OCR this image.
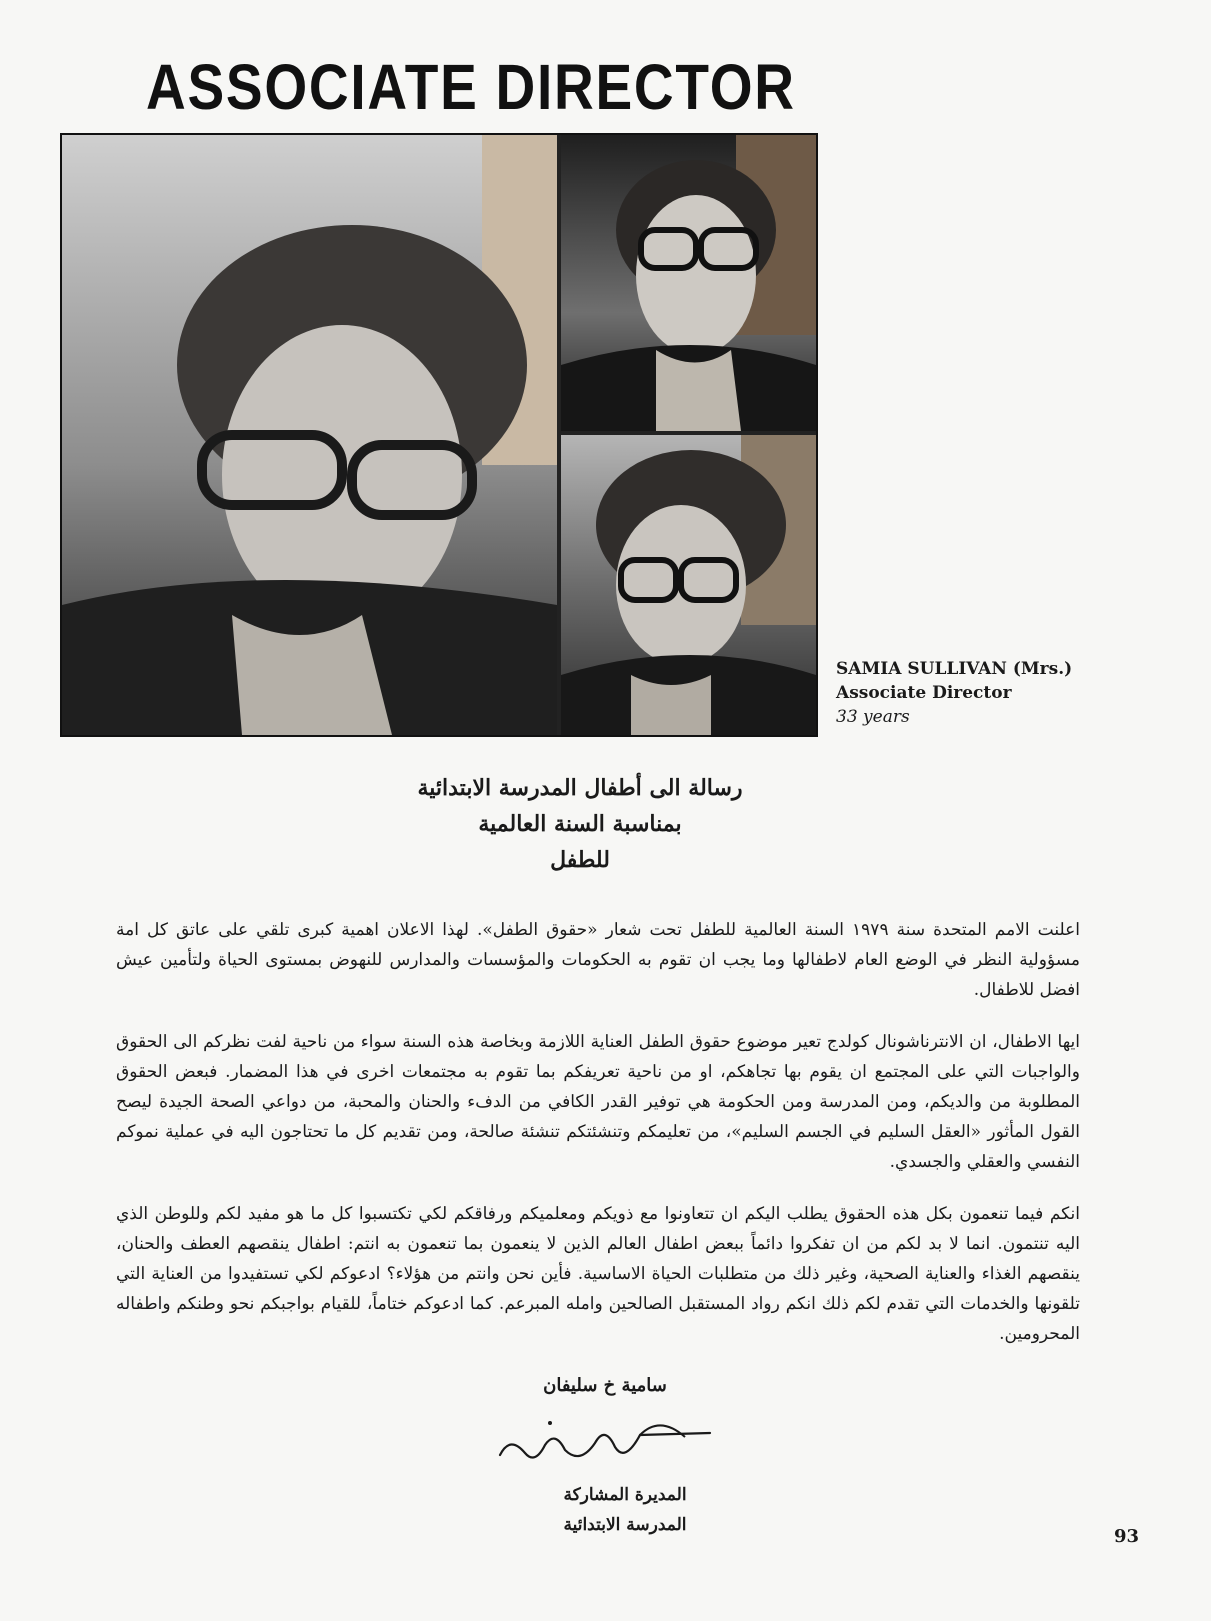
ASSOCIATE DIRECTOR
SAMIA SULLIVAN (Mrs.)
Associate Director
33 years
رسالة الى أطفال المدرسة الابتدائية
بمناسبة السنة العالمية
للطفل

اعلنت الامم المتحدة سنة ١٩٧٩ السنة العالمية للطفل تحت شعار «حقوق الطفل». لهذا الاعلان اهمية كبرى تلقي على عاتق كل امة مسؤولية النظر في الوضع العام لاطفالها وما يجب ان تقوم به الحكومات والمؤسسات والمدارس للنهوض بمستوى الحياة ولتأمين عيش افضل للاطفال.

ايها الاطفال، ان الانترناشونال كولدج تعير موضوع حقوق الطفل العناية اللازمة وبخاصة هذه السنة سواء من ناحية لفت نظركم الى الحقوق والواجبات التي على المجتمع ان يقوم بها تجاهكم، او من ناحية تعريفكم بما تقوم به مجتمعات اخرى في هذا المضمار. فبعض الحقوق المطلوبة من والديكم، ومن المدرسة ومن الحكومة هي توفير القدر الكافي من الدفء والحنان والمحبة، من دواعي الصحة الجيدة ليصح القول المأثور «العقل السليم في الجسم السليم»، من تعليمكم وتنشئتكم تنشئة صالحة، ومن تقديم كل ما تحتاجون اليه في عملية نموكم النفسي والعقلي والجسدي.

انكم فيما تنعمون بكل هذه الحقوق يطلب اليكم ان تتعاونوا مع ذويكم ومعلميكم ورفاقكم لكي تكتسبوا كل ما هو مفيد لكم وللوطن الذي اليه تنتمون. انما لا بد لكم من ان تفكروا دائماً ببعض اطفال العالم الذين لا ينعمون بما تنعمون به انتم: اطفال ينقصهم العطف والحنان، ينقصهم الغذاء والعناية الصحية، وغير ذلك من متطلبات الحياة الاساسية. فأين نحن وانتم من هؤلاء؟ ادعوكم لكي تستفيدوا من العناية التي تلقونها والخدمات التي تقدم لكم ذلك انكم رواد المستقبل الصالحين وامله المبرعم. كما ادعوكم ختاماً، للقيام بواجبكم نحو وطنكم واطفاله المحرومين.

سامية خ سليفان
المديرة المشاركة
المدرسة الابتدائية
93
